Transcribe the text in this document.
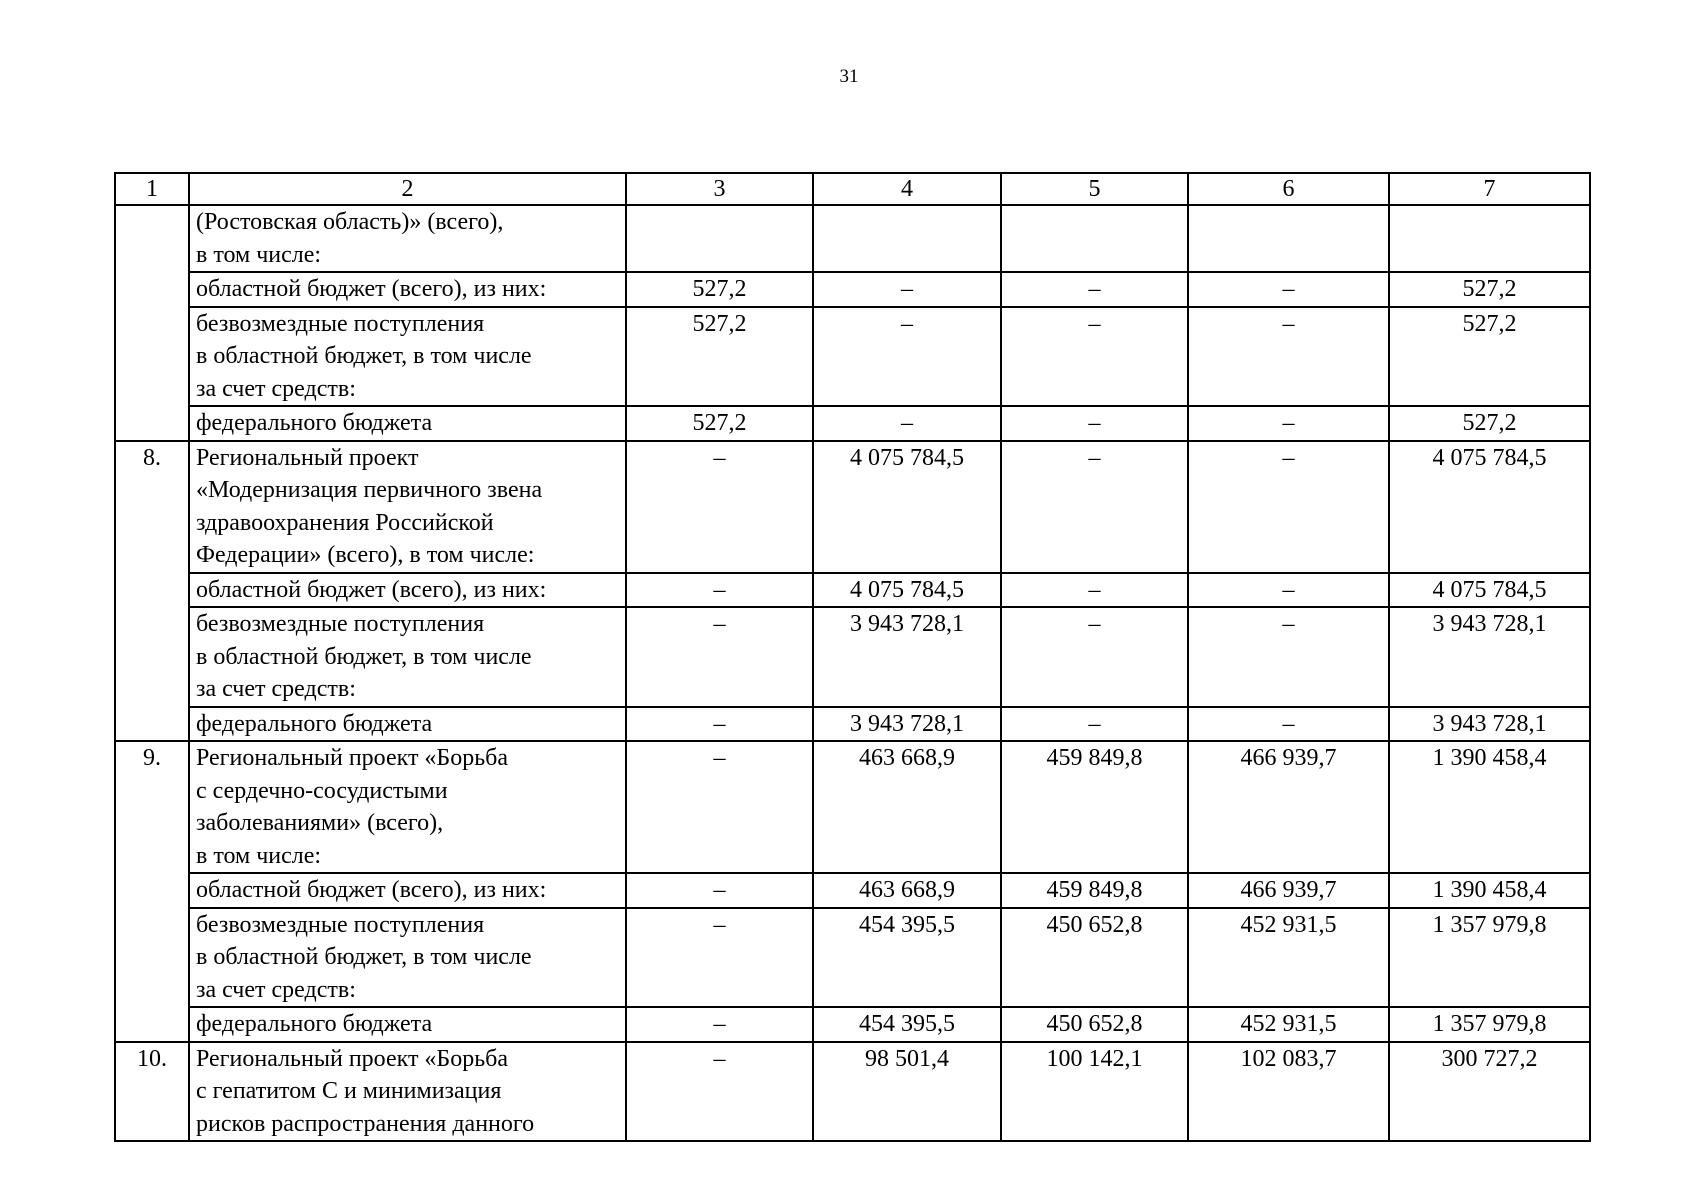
31
1	2	3	4	5	6	7

	(Ростовская область)» (всего),
в том числе:					

	областной бюджет (всего), из них:	527,2	–	–	–	527,2

	безвозмездные поступления
в областной бюджет, в том числе
за счет средств:	527,2	–	–	–	527,2

	федерального бюджета	527,2	–	–	–	527,2
8.	Региональный проект
«Модернизация первичного звена
здравоохранения Российской
Федерации» (всего), в том числе:	–	4 075 784,5	–	–	4 075 784,5

	областной бюджет (всего), из них:	–	4 075 784,5	–	–	4 075 784,5

	безвозмездные поступления
в областной бюджет, в том числе
за счет средств:	–	3 943 728,1	–	–	3 943 728,1

	федерального бюджета	–	3 943 728,1	–	–	3 943 728,1
9.	Региональный проект «Борьба
с сердечно-сосудистыми
заболеваниями» (всего),
в том числе:	–	463 668,9	459 849,8	466 939,7	1 390 458,4

	областной бюджет (всего), из них:	–	463 668,9	459 849,8	466 939,7	1 390 458,4

	безвозмездные поступления
в областной бюджет, в том числе
за счет средств:	–	454 395,5	450 652,8	452 931,5	1 357 979,8

	федерального бюджета	–	454 395,5	450 652,8	452 931,5	1 357 979,8
10.	Региональный проект «Борьба
с гепатитом С и минимизация
рисков распространения данного	–	98 501,4	100 142,1	102 083,7	300 727,2
